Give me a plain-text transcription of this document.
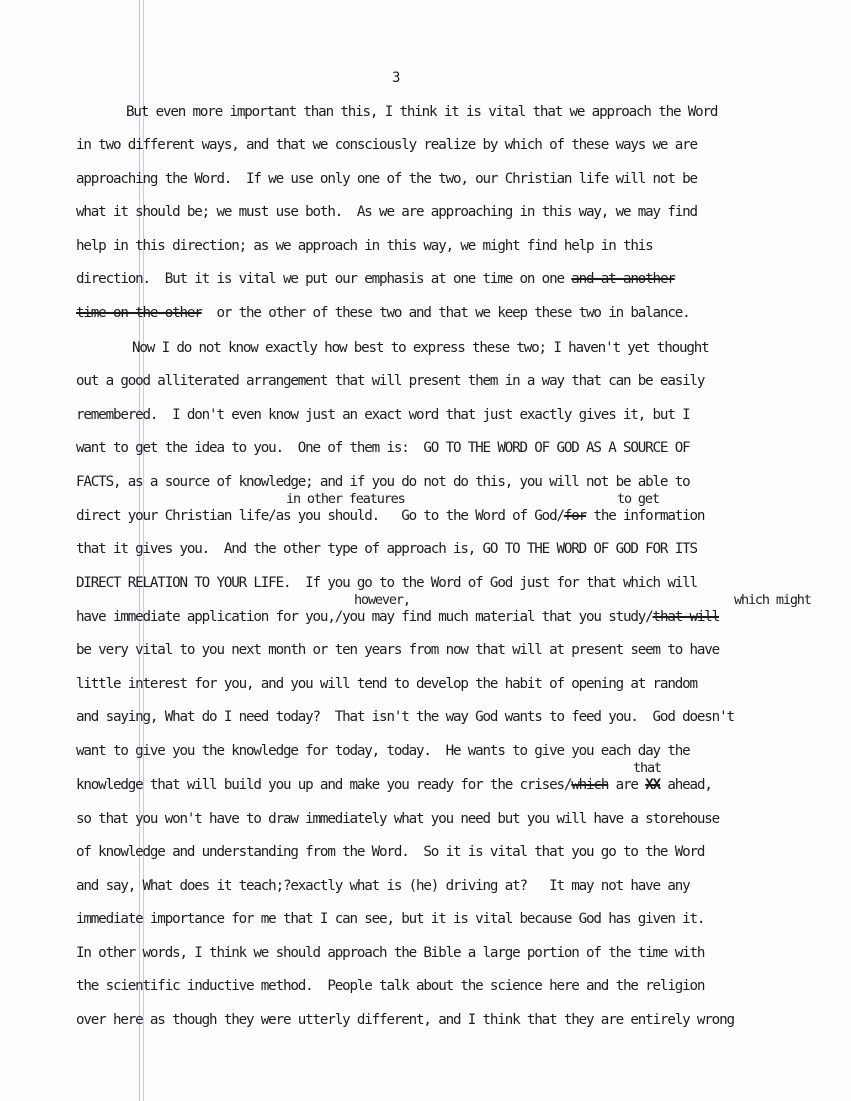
3
But even more important than this, I think it is vital that we approach the Word
in two different ways, and that we consciously realize by which of these ways we are
approaching the Word.  If we use only one of the two, our Christian life will not be
what it should be; we must use both.  As we are approaching in this way, we may find
help in this direction; as we approach in this way, we might find help in this
direction.  But it is vital we put our emphasis at one time on one and-at-another
time-on-the-other  or the other of these two and that we keep these two in balance.
Now I do not know exactly how best to express these two; I haven't yet thought
out a good alliterated arrangement that will present them in a way that can be easily
remembered.  I don't even know just an exact word that just exactly gives it, but I
want to get the idea to you.  One of them is:  GO TO THE WORD OF GOD AS A SOURCE OF
FACTS, as a source of knowledge; and if you do not do this, you will not be able to
in other features	to get
direct your Christian life/as you should.   Go to the Word of God/for the information
that it gives you.  And the other type of approach is, GO TO THE WORD OF GOD FOR ITS
DIRECT RELATION TO YOUR LIFE.  If you go to the Word of God just for that which will
however,	which might
have immediate application for you,/you may find much material that you study/that-will
be very vital to you next month or ten years from now that will at present seem to have
little interest for you, and you will tend to develop the habit of opening at random
and saying, What do I need today?  That isn't the way God wants to feed you.  God doesn't
want to give you the knowledge for today, today.  He wants to give you each day the
that
knowledge that will build you up and make you ready for the crises/which are XX ahead,
so that you won't have to draw immediately what you need but you will have a storehouse
of knowledge and understanding from the Word.  So it is vital that you go to the Word
and say, What does it teach;?exactly what is (he) driving at?   It may not have any
immediate importance for me that I can see, but it is vital because God has given it.
In other words, I think we should approach the Bible a large portion of the time with
the scientific inductive method.  People talk about the science here and the religion
over here as though they were utterly different, and I think that they are entirely wrong
